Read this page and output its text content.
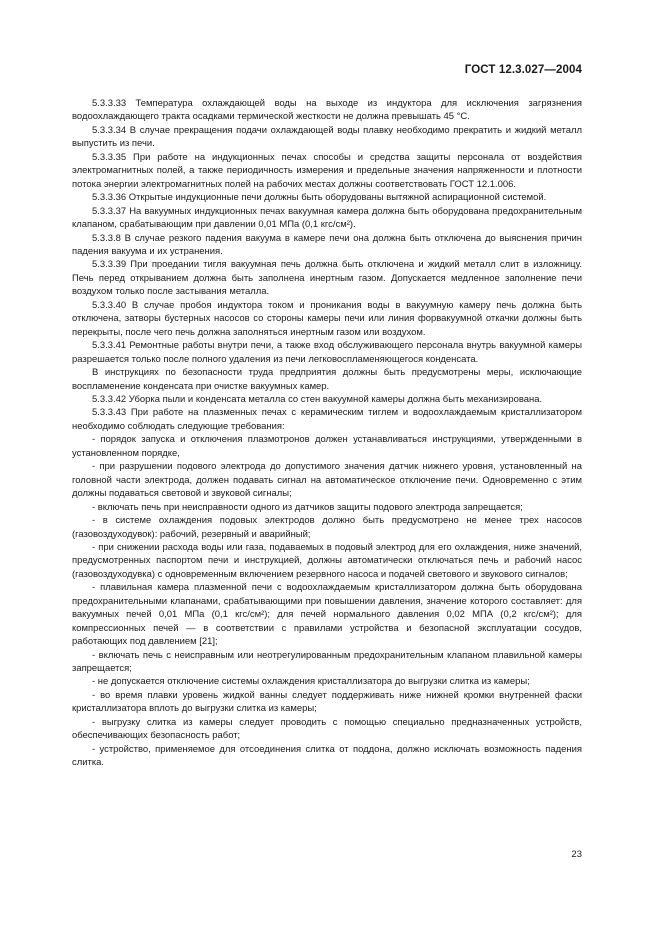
ГОСТ 12.3.027—2004

5.3.3.33 Температура охлаждающей воды на выходе из индуктора для исключения загрязнения водоохлаждающего тракта осадками термической жесткости не должна превышать 45 °С.

5.3.3.34 В случае прекращения подачи охлаждающей воды плавку необходимо прекратить и жидкий металл выпустить из печи.

5.3.3.35 При работе на индукционных печах способы и средства защиты персонала от воздействия электромагнитных полей, а также периодичность измерения и предельные значения напряженности и плотности потока энергии электромагнитных полей на рабочих местах должны соответствовать ГОСТ 12.1.006.

5.3.3.36 Открытые индукционные печи должны быть оборудованы вытяжной аспирационной системой.

5.3.3.37 На вакуумных индукционных печах вакуумная камера должна быть оборудована предохранительным клапаном, срабатывающим при давлении 0,01 МПа (0,1 кгс/см²).

5.3.3.8 В случае резкого падения вакуума в камере печи она должна быть отключена до выяснения причин падения вакуума и их устранения.

5.3.3.39 При проедании тигля вакуумная печь должна быть отключена и жидкий металл слит в изложницу. Печь перед открыванием должна быть заполнена инертным газом. Допускается медленное заполнение печи воздухом только после застывания металла.

5.3.3.40 В случае пробоя индуктора током и проникания воды в вакуумную камеру печь должна быть отключена, затворы бустерных насосов со стороны камеры печи или линия форвакуумной откачки должны быть перекрыты, после чего печь должна заполняться инертным газом или воздухом.

5.3.3.41 Ремонтные работы внутри печи, а также вход обслуживающего персонала внутрь вакуумной камеры разрешается только после полного удаления из печи легковоспламеняющегося конденсата.

В инструкциях по безопасности труда предприятия должны быть предусмотрены меры, исключающие воспламенение конденсата при очистке вакуумных камер.

5.3.3.42 Уборка пыли и конденсата металла со стен вакуумной камеры должна быть механизирована.

5.3.3.43 При работе на плазменных печах с керамическим тиглем и водоохлаждаемым кристаллизатором необходимо соблюдать следующие требования:

- порядок запуска и отключения плазмотронов должен устанавливаться инструкциями, утвержденными в установленном порядке,

- при разрушении подового электрода до допустимого значения датчик нижнего уровня, установленный на головной части электрода, должен подавать сигнал на автоматическое отключение печи. Одновременно с этим должны подаваться световой и звуковой сигналы;

- включать печь при неисправности одного из датчиков защиты подового электрода запрещается;

- в системе охлаждения подовых электродов должно быть предусмотрено не менее трех насосов (газовоздуходувок): рабочий, резервный и аварийный;

- при снижении расхода воды или газа, подаваемых в подовый электрод для его охлаждения, ниже значений, предусмотренных паспортом печи и инструкцией, должны автоматически отключаться печь и рабочий насос (газовоздуходувка) с одновременным включением резервного насоса и подачей светового и звукового сигналов;

- плавильная камера плазменной печи с водоохлаждаемым кристаллизатором должна быть оборудована предохранительными клапанами, срабатывающими при повышении давления, значение которого составляет: для вакуумных печей 0,01 МПа (0,1 кгс/см²); для печей нормального давления 0,02 МПА (0,2 кгс/см²); для компрессионных печей — в соответствии с правилами устройства и безопасной эксплуатации сосудов, работающих под давлением [21];

- включать печь с неисправным или неотрегулированным предохранительным клапаном плавильной камеры запрещается;

- не допускается отключение системы охлаждения кристаллизатора до выгрузки слитка из камеры;

- во время плавки уровень жидкой ванны следует поддерживать ниже нижней кромки внутренней фаски кристаллизатора вплоть до выгрузки слитка из камеры;

- выгрузку слитка из камеры следует проводить с помощью специально предназначенных устройств, обеспечивающих безопасность работ;

- устройство, применяемое для отсоединения слитка от поддона, должно исключать возможность падения слитка.

23
